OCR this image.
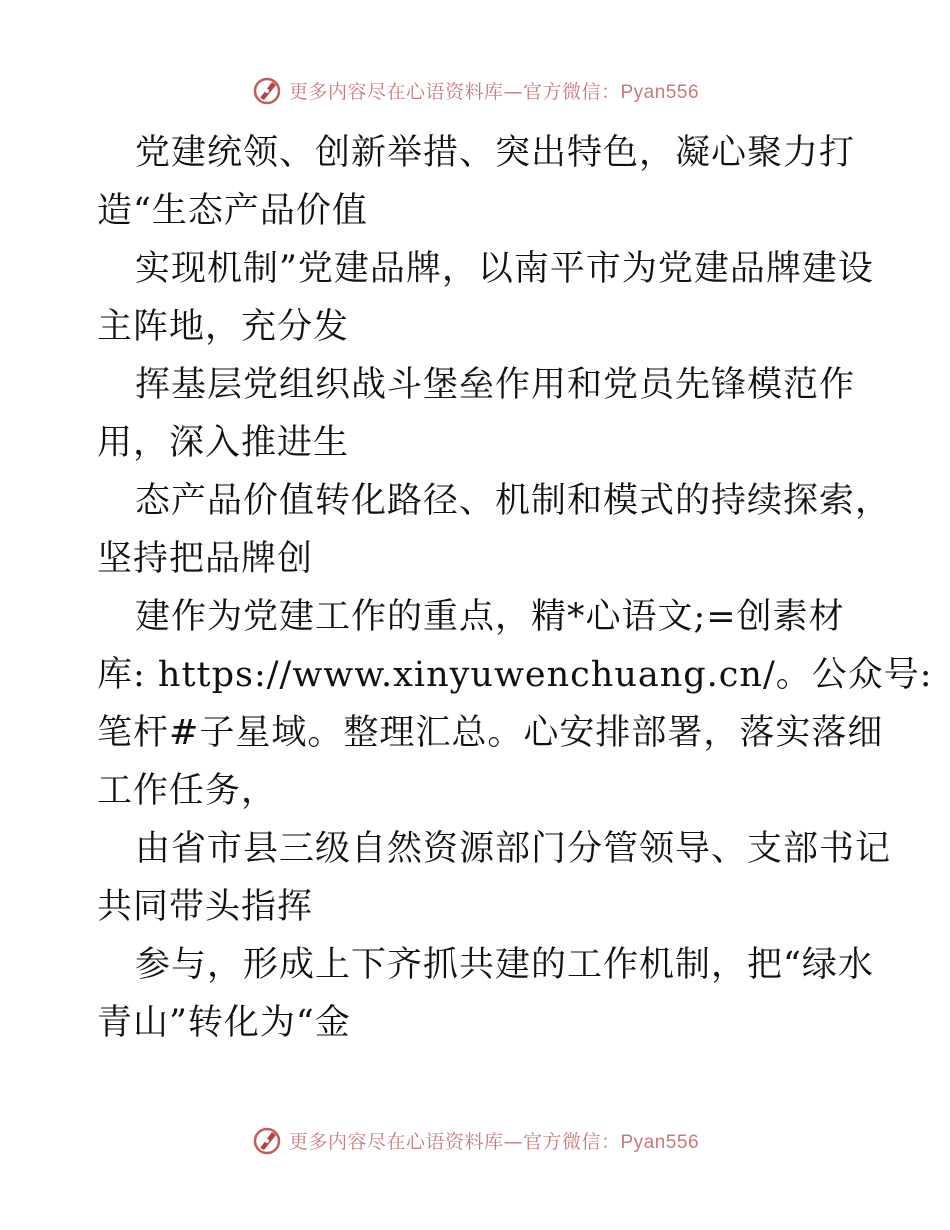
更多内容尽在心语资料库—官方微信：Pyan556

党建统领、创新举措、突出特色，凝心聚力打
造“生态产品价值

实现机制”党建品牌，以南平市为党建品牌建设
主阵地，充分发

挥基层党组织战斗堡垒作用和党员先锋模范作
用，深入推进生

态产品价值转化路径、机制和模式的持续探索，
坚持把品牌创

建作为党建工作的重点，精*心语文;=创素材
库: https://www.xinyuwenchuang.cn/。公众号:
笔杆#子星域。整理汇总。心安排部署，落实落细
工作任务，

由省市县三级自然资源部门分管领导、支部书记
共同带头指挥

参与，形成上下齐抓共建的工作机制，把“绿水
青山”转化为“金

更多内容尽在心语资料库—官方微信：Pyan556
